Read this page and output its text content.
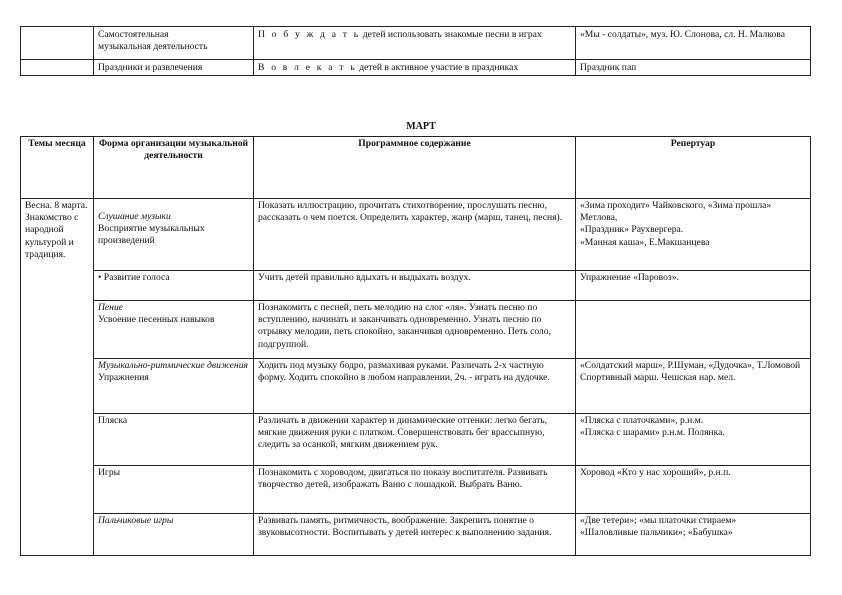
	Самостоятельная
музыкальная деятельность	П о б у ж д а т ь детей использовать знакомые песни в играх	«Мы - солдаты», муз. Ю. Слонова, сл. Н. Малкова

	Праздники и развлечения	В о в л е к а т ь детей в активное участие в праздниках	Праздник пап
МАРТ
Темы месяца	Форма организации музыкальной деятельности	Программное содержание	Репертуар
Весна. 8 марта. Знакомство с народной культурой и традиция.	Слушание музыки
Восприятие музыкальных произведений	Показать иллюстрацию, прочитать стихотворение, прослушать песню, рассказать о чем поется. Определить характер, жанр (марш, танец, песня).	«Зима проходит» Чайковского, «Зима прошла» Метлова,
«Праздник» Раухвергера.
«Манная каша», Е.Макшанцева

	• Развитие голоса	Учить детей правильно вдыхать и выдыхать воздух.	Упражнение «Паровоз».

	Пение
Усвоение песенных навыков	Познакомить с песней, петь мелодию на слог «ля». Узнать песню по вступлению, начинать и заканчивать одновременно. Узнать песню по отрывку мелодии, петь спокойно, заканчивая одновременно. Петь соло, подгруппой.	

	Музыкально-ритмические движения
Упражнения	Ходить под музыку бодро, размахивая руками. Различать 2-х частную форму. Ходить спокойно в любом направлении, 2ч. - играть на дудочке.	«Солдатский марш», Р.Шуман, «Дудочка», Т.Ломовой
Спортивный марш. Чешская нар. мел.

	Пляска	Различать в движении характер и динамические оттенки: легко бегать, мягкие движения руки с платком. Совершенствовать бег врассыпную, следить за осанкой, мягким движением рук.	«Пляска с платочками», р.н.м.
«Пляска с шарами» р.н.м. Полянка.

	Игры	Познакомить с хороводом, двигаться по показу воспитателя. Развивать творчество детей, изображать Ваню с лошадкой. Выбрать Ваню.	Хоровод «Кто у нас хороший», р.н.п.

	Пальчиковые игры	Развивать память, ритмичность, воображение. Закрепить понятие о звуковысотности. Воспитывать у детей интерес к выполнению задания.	«Две тетери»; «мы платочки стираем»
«Шаловливые пальчики»; «Бабушка»
